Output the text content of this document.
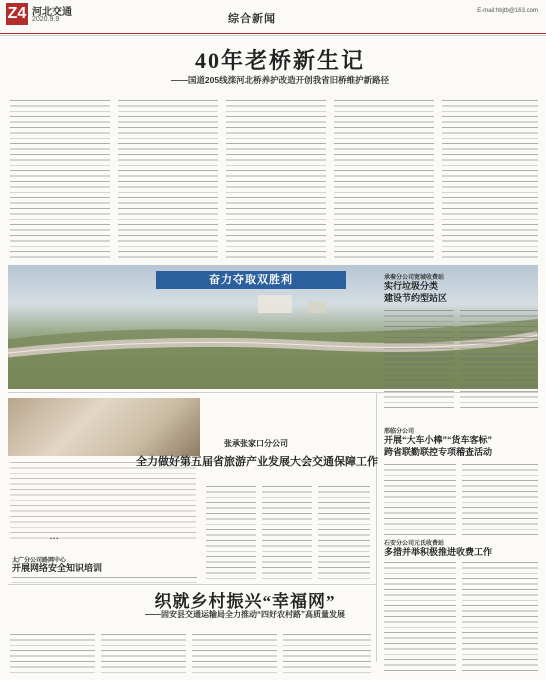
Z4 河北交通
2020.9.9	综合新闻
E-mail:hbjtb@163.com
40年老桥新生记
——国道205线滦河北桥养护改造开创我省旧桥维护新路径
奋力夺取双胜利
▪ ▪ ▪
太广分公司路网中心
开展网络安全知识培训
张承张家口分公司
全力做好第五届省旅游产业发展大会交通保障工作
承秦分公司宽城收费站
实行垃圾分类
建设节约型站区
邢临分公司
开展“大车小棒”“货车客标”
跨省联勤联控专项稽查活动
石安分公司元氏收费站
多措并举积极推进收费工作
织就乡村振兴“幸福网”
——固安县交通运输局全力推动“四好农村路”高质量发展
